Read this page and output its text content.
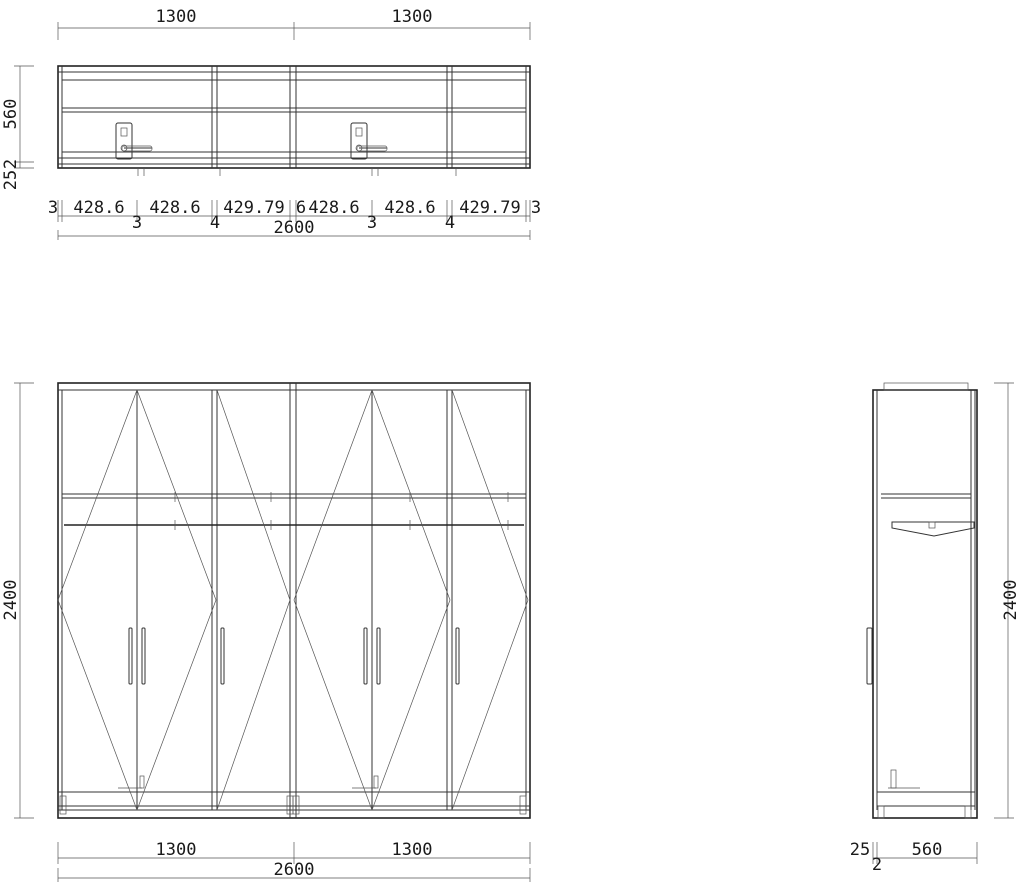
1300	1300
560
25
2
3 428.6 428.6 429.79 6 428.6 428.6 429.79 3
3	4	3	4
2600
2400
1300	1300
2600
2400
25 560
2
